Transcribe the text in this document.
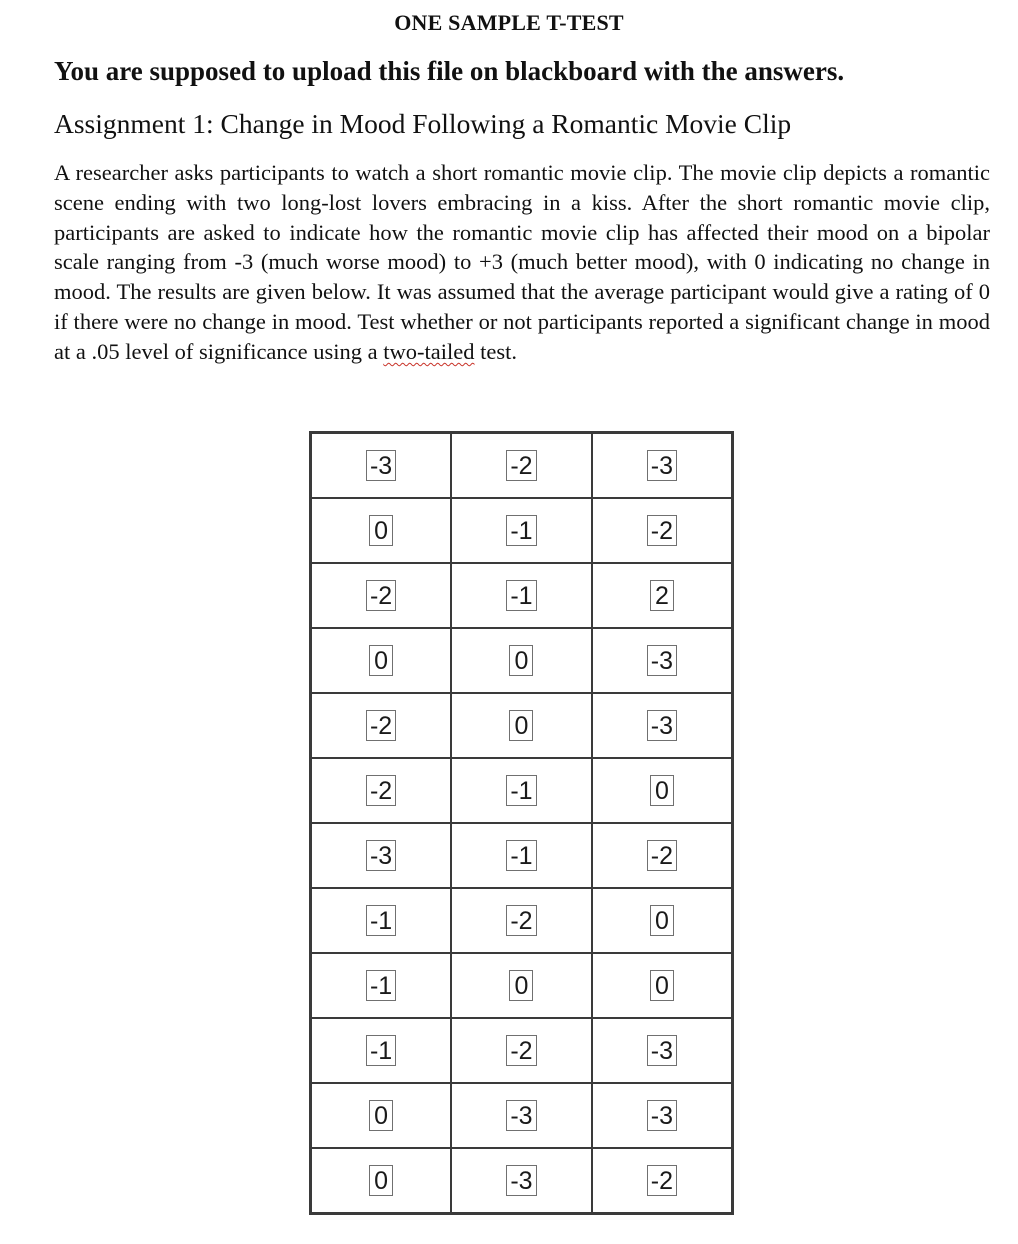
ONE SAMPLE T-TEST
You are supposed to upload this file on blackboard with the answers.
Assignment 1: Change in Mood Following a Romantic Movie Clip

A researcher asks participants to watch a short romantic movie clip. The movie clip depicts a romantic scene ending with two long-lost lovers embracing in a kiss. After the short romantic movie clip, participants are asked to indicate how the romantic movie clip has affected their mood on a bipolar scale ranging from -3 (much worse mood) to +3 (much better mood), with 0 indicating no change in mood. The results are given below. It was assumed that the average participant would give a rating of 0 if there were no change in mood. Test whether or not participants reported a significant change in mood at a .05 level of significance using a two-tailed test.

-3	-2	-3
0	-1	-2
-2	-1	2
0	0	-3
-2	0	-3
-2	-1	0
-3	-1	-2
-1	-2	0
-1	0	0
-1	-2	-3
0	-3	-3
0	-3	-2
